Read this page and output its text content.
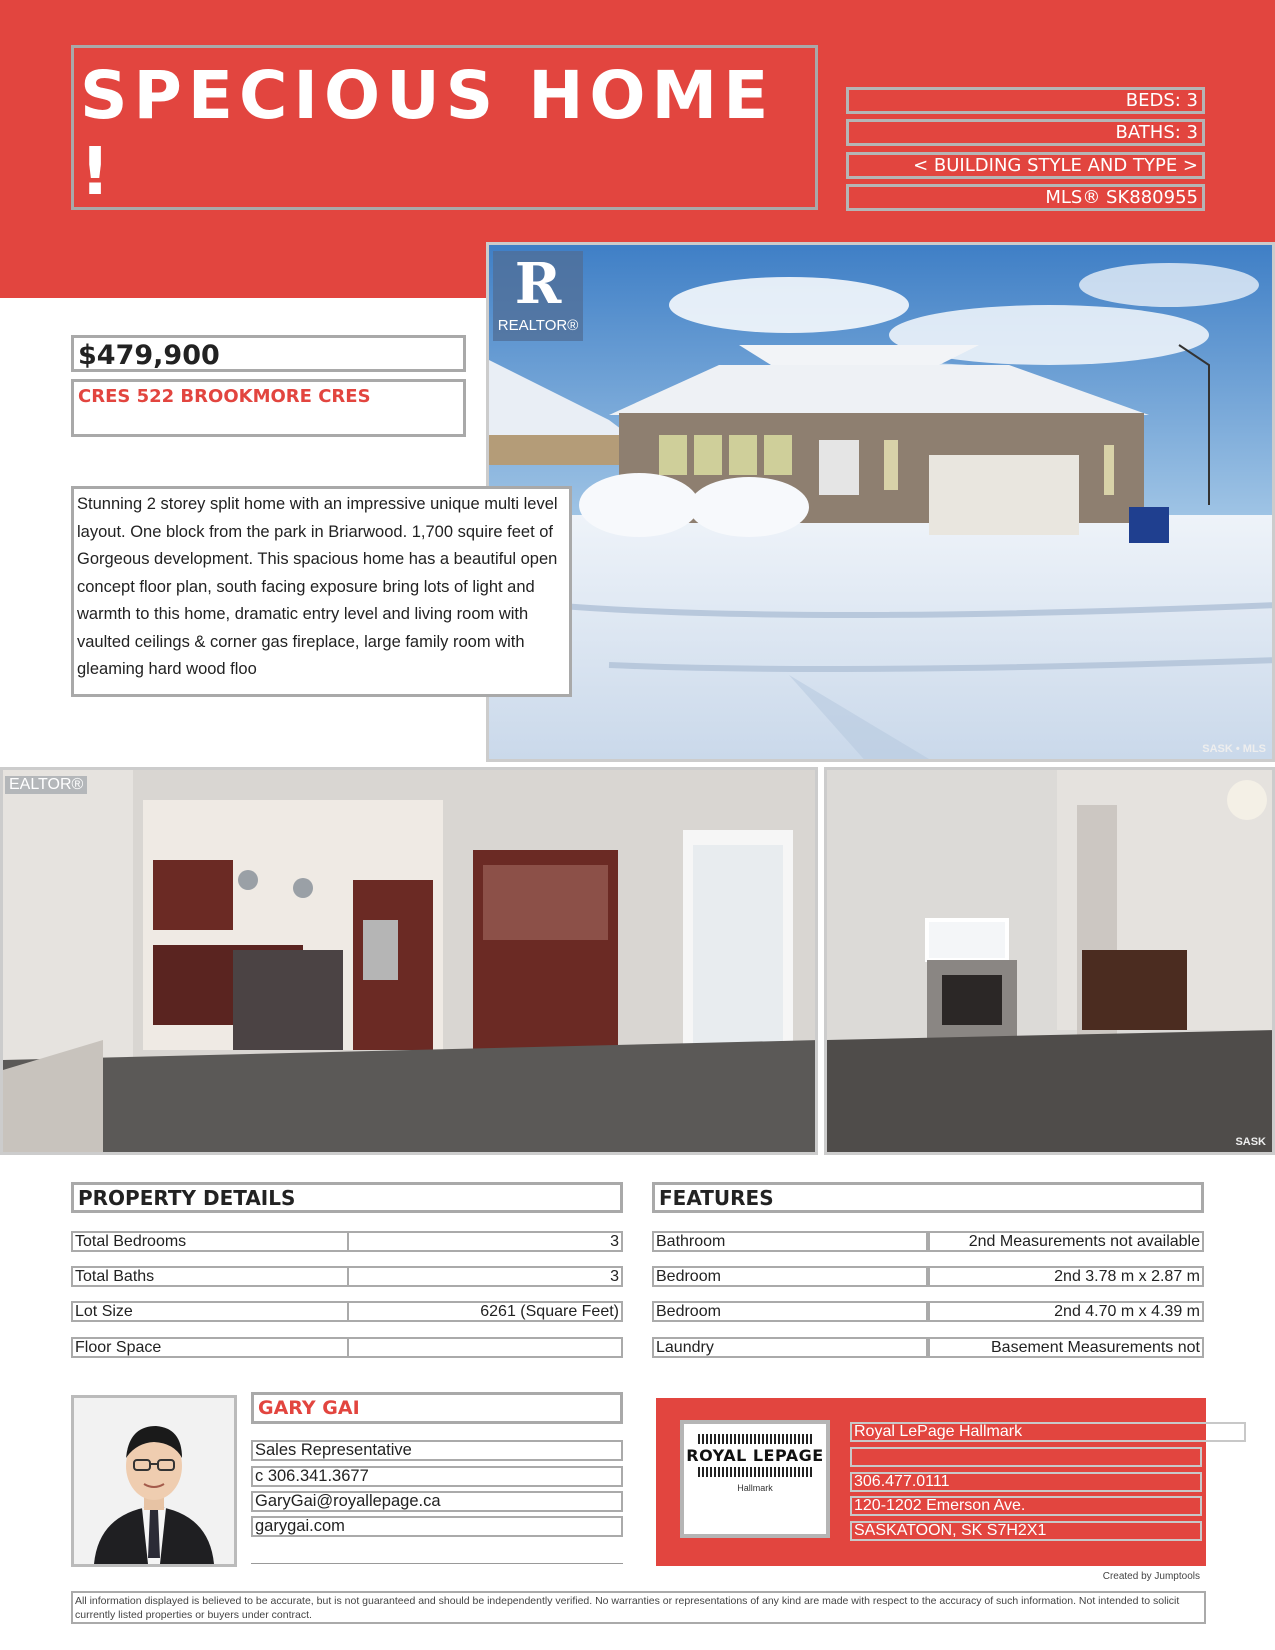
SPECIOUS HOME !
BEDS: 3
BATHS: 3
< BUILDING STYLE AND TYPE >
MLS® SK880955
R
REALTOR®
SASK • MLS
$479,900
CRES 522 BROOKMORE CRES
Stunning 2 storey split home with an impressive unique multi level layout. One block from the park in Briarwood. 1,700 squire feet of Gorgeous development. This spacious home has a beautiful open concept floor plan, south facing exposure bring lots of light and warmth to this home, dramatic entry level and living room with vaulted ceilings & corner gas fireplace, large family room with gleaming hard wood floo
EALTOR®
SASK
PROPERTY DETAILS
Total Bedrooms	3
Total Baths	3
Lot Size	6261 (Square Feet)
Floor Space
FEATURES
Bathroom	2nd Measurements not available
Bedroom	2nd 3.78 m x 2.87 m
Bedroom	2nd 4.70 m x 4.39 m
Laundry	Basement Measurements not
GARY GAI
Sales Representative
c 306.341.3677
GaryGai@royallepage.ca
garygai.com
ROYAL LEPAGE
Hallmark
Royal LePage Hallmark
306.477.0111
120-1202 Emerson Ave.
SASKATOON, SK S7H2X1
Created by Jumptools
All information displayed is believed to be accurate, but is not guaranteed and should be independently verified. No warranties or representations of any kind are made with respect to the accuracy of such information. Not intended to solicit currently listed properties or buyers under contract.
